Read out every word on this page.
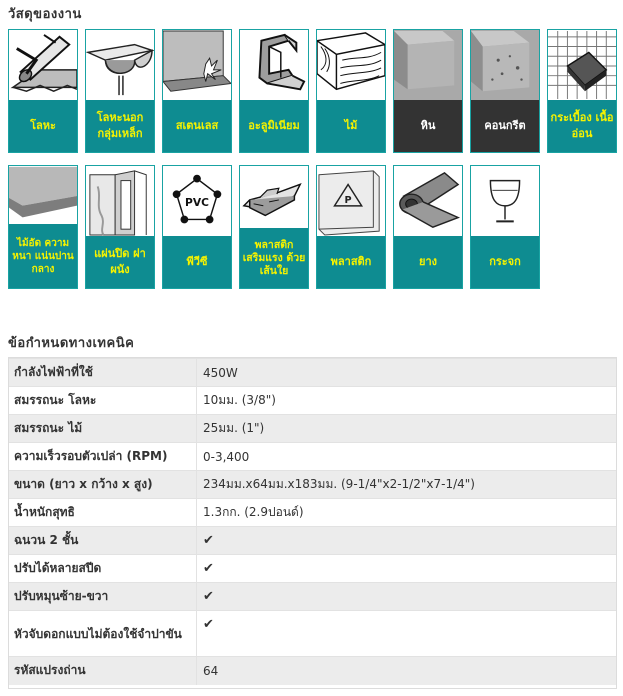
วัสดุของงาน
โลหะ
โลหะนอก กลุ่มเหล็ก
สเตนเลส	อะลูมิเนียม	ไม้	หิน	คอนกรีต
กระเบื้อง เนื้ออ่อน
ไม้อัด ความหนา แน่นปาน กลาง
แผ่นปิด ฝาผนัง
PVC
พีวีซี
พลาสติก เสริมแรง ด้วย เส้นใย
P
พลาสติก	ยาง	กระจก
ข้อกำหนดทางเทคนิค
กำลังไฟฟ้าที่ใช้	450W
สมรรถนะ โลหะ	10มม. (3/8")
สมรรถนะ ไม้	25มม. (1")
ความเร็วรอบตัวเปล่า (RPM)	0-3,400
ขนาด (ยาว x กว้าง x สูง)	234มม.x64มม.x183มม. (9-1/4"x2-1/2"x7-1/4")
น้ำหนักสุทธิ	1.3กก. (2.9ปอนด์)
ฉนวน 2 ชั้น	✔
ปรับได้หลายสปีด	✔
ปรับหมุนซ้าย-ขวา	✔
หัวจับดอกแบบไม่ต้องใช้จำปาขัน	✔
รหัสแปรงถ่าน	64
